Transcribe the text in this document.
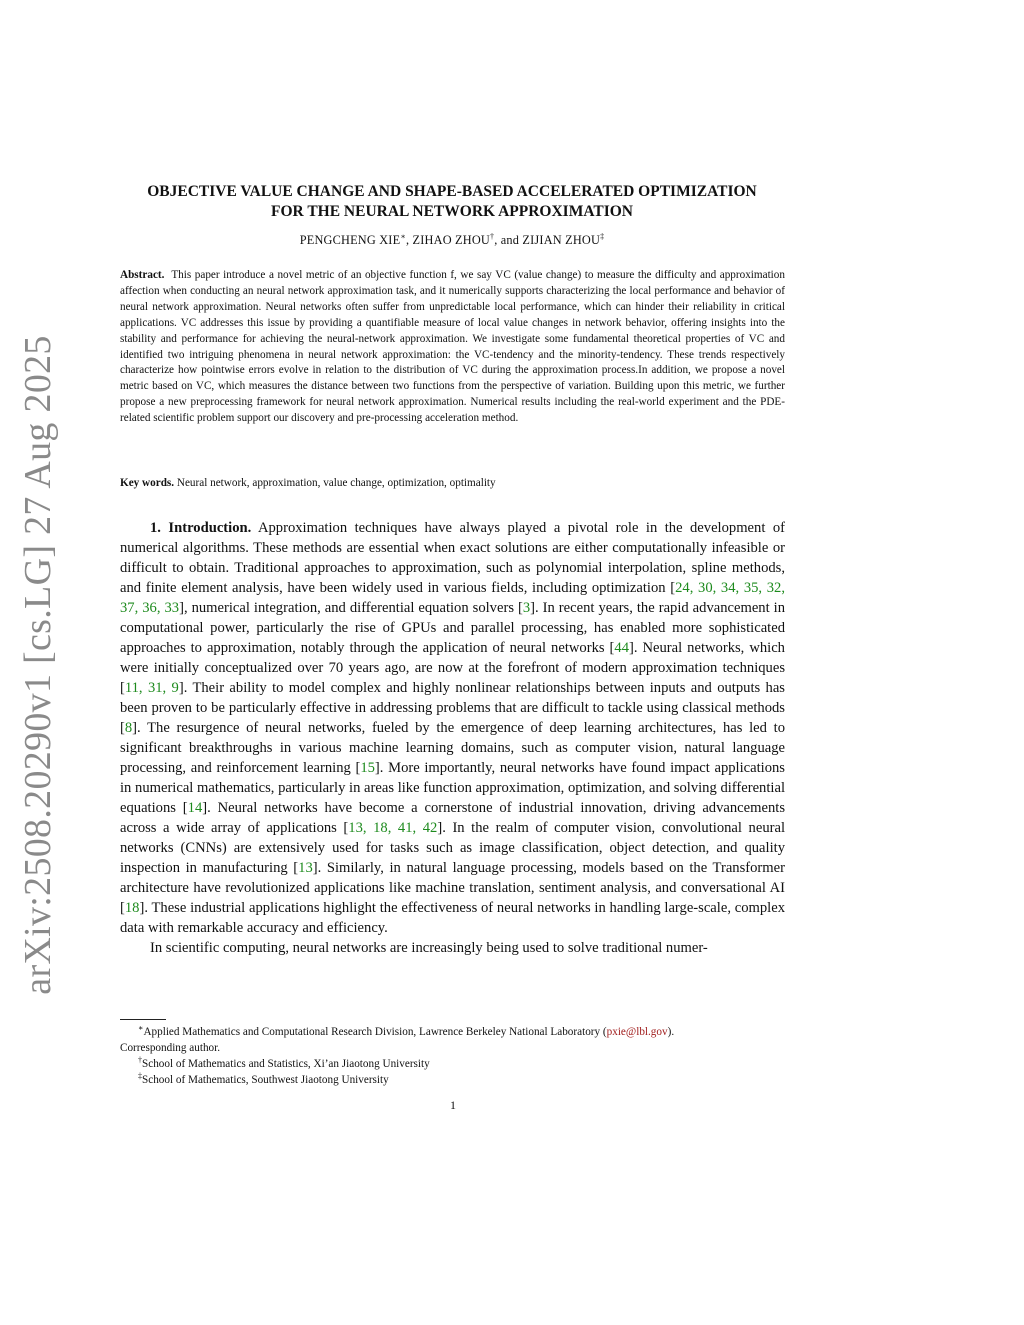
arXiv:2508.20290v1 [cs.LG] 27 Aug 2025
OBJECTIVE VALUE CHANGE AND SHAPE-BASED ACCELERATED OPTIMIZATION
FOR THE NEURAL NETWORK APPROXIMATION
PENGCHENG XIE∗, ZIHAO ZHOU†, and ZIJIAN ZHOU‡
Abstract. This paper introduce a novel metric of an objective function f, we say VC (value change) to measure the difficulty and approximation affection when conducting an neural network approximation task, and it numerically supports characterizing the local performance and behavior of neural network approximation. Neural networks often suffer from unpredictable local performance, which can hinder their reliability in critical applications. VC addresses this issue by providing a quantifiable measure of local value changes in network behavior, offering insights into the stability and performance for achieving the neural-network approximation. We investigate some fundamental theoretical properties of VC and identified two intriguing phenomena in neural network approximation: the VC-tendency and the minority-tendency. These trends respectively characterize how pointwise errors evolve in relation to the distribution of VC during the approximation process.In addition, we propose a novel metric based on VC, which measures the distance between two functions from the perspective of variation. Building upon this metric, we further propose a new preprocessing framework for neural network approximation. Numerical results including the real-world experiment and the PDE-related scientific problem support our discovery and pre-processing acceleration method.
Key words. Neural network, approximation, value change, optimization, optimality

1. Introduction. Approximation techniques have always played a pivotal role in the development of numerical algorithms. These methods are essential when exact solutions are either computationally infeasible or difficult to obtain. Traditional approaches to approximation, such as polynomial interpolation, spline methods, and finite element analysis, have been widely used in various fields, including optimization [24, 30, 34, 35, 32, 37, 36, 33], numerical integration, and differential equation solvers [3]. In recent years, the rapid advancement in computational power, particularly the rise of GPUs and parallel processing, has enabled more sophisticated approaches to approximation, notably through the application of neural networks [44]. Neural networks, which were initially conceptualized over 70 years ago, are now at the forefront of modern approximation techniques [11, 31, 9]. Their ability to model complex and highly nonlinear relationships between inputs and outputs has been proven to be particularly effective in addressing problems that are difficult to tackle using classical methods [8]. The resurgence of neural networks, fueled by the emergence of deep learning architectures, has led to significant breakthroughs in various machine learning domains, such as computer vision, natural language processing, and reinforcement learning [15]. More importantly, neural networks have found impact applications in numerical mathematics, particularly in areas like function approximation, optimization, and solving differential equations [14]. Neural networks have become a cornerstone of industrial innovation, driving advancements across a wide array of applications [13, 18, 41, 42]. In the realm of computer vision, convolutional neural networks (CNNs) are extensively used for tasks such as image classification, object detection, and quality inspection in manufacturing [13]. Similarly, in natural language processing, models based on the Transformer architecture have revolutionized applications like machine translation, sentiment analysis, and conversational AI [18]. These industrial applications highlight the effectiveness of neural networks in handling large-scale, complex data with remarkable accuracy and efficiency.

In scientific computing, neural networks are increasingly being used to solve traditional numer-

∗Applied Mathematics and Computational Research Division, Lawrence Berkeley National Laboratory (pxie@lbl.gov).
Corresponding author.
†School of Mathematics and Statistics, Xi’an Jiaotong University
‡School of Mathematics, Southwest Jiaotong University
1
